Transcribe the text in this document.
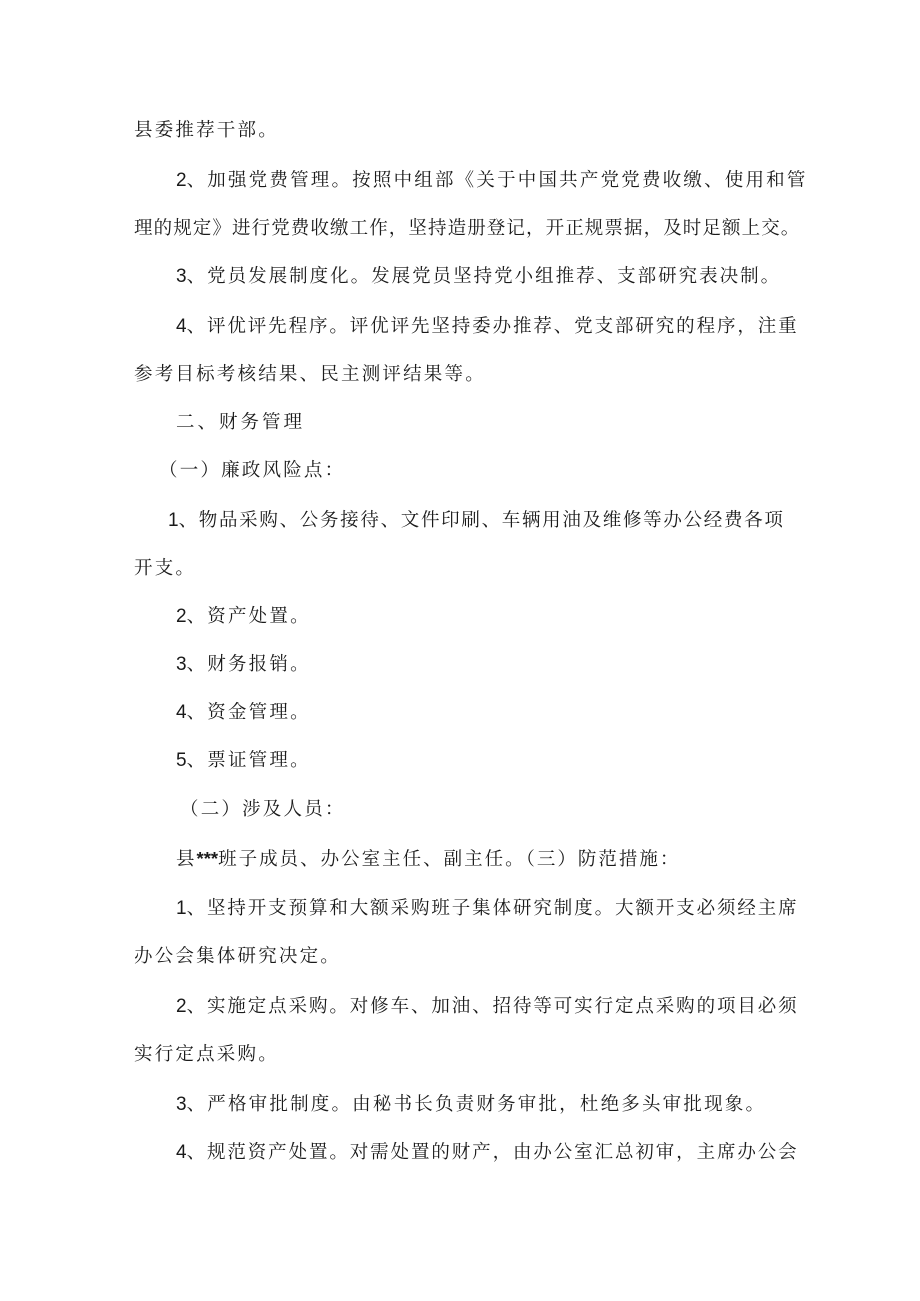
县委推荐干部。
2、加强党费管理。按照中组部《关于中国共产党党费收缴、使用和管
理的规定》进行党费收缴工作，坚持造册登记，开正规票据，及时足额上交。
3、党员发展制度化。发展党员坚持党小组推荐、支部研究表决制。
4、评优评先程序。评优评先坚持委办推荐、党支部研究的程序，注重
参考目标考核结果、民主测评结果等。
二、财务管理
（一）廉政风险点：
1、物品采购、公务接待、文件印刷、车辆用油及维修等办公经费各项
开支。
2、资产处置。
3、财务报销。
4、资金管理。
5、票证管理。
（二）涉及人员：
县***班子成员、办公室主任、副主任。（三）防范措施：
1、坚持开支预算和大额采购班子集体研究制度。大额开支必须经主席
办公会集体研究决定。
2、实施定点采购。对修车、加油、招待等可实行定点采购的项目必须
实行定点采购。
3、严格审批制度。由秘书长负责财务审批，杜绝多头审批现象。
4、规范资产处置。对需处置的财产，由办公室汇总初审，主席办公会
